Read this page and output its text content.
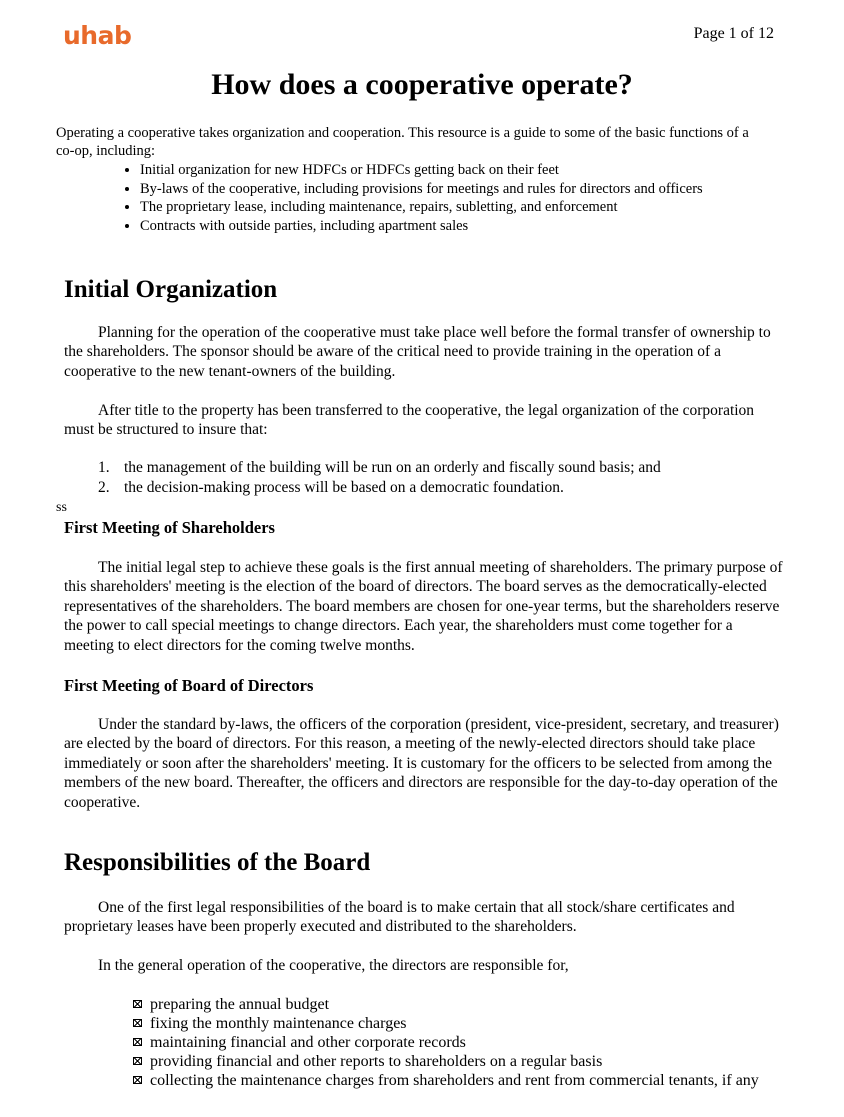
uhab	Page 1 of 12
How does a cooperative operate?

Operating a cooperative takes organization and cooperation. This resource is a guide to some of the basic functions of a co-op, including:

• Initial organization for new HDFCs or HDFCs getting back on their feet
• By-laws of the cooperative, including provisions for meetings and rules for directors and officers
• The proprietary lease, including maintenance, repairs, subletting, and enforcement
• Contracts with outside parties, including apartment sales
Initial Organization

Planning for the operation of the cooperative must take place well before the formal transfer of ownership to the shareholders. The sponsor should be aware of the critical need to provide training in the operation of a cooperative to the new tenant-owners of the building.

After title to the property has been transferred to the cooperative, the legal organization of the corporation must be structured to insure that:

1. the management of the building will be run on an orderly and fiscally sound basis; and
2. the decision-making process will be based on a democratic foundation.
ss
First Meeting of Shareholders

The initial legal step to achieve these goals is the first annual meeting of shareholders. The primary purpose of this shareholders' meeting is the election of the board of directors. The board serves as the democratically-elected representatives of the shareholders. The board members are chosen for one-year terms, but the shareholders reserve the power to call special meetings to change directors. Each year, the shareholders must come together for a meeting to elect directors for the coming twelve months.

First Meeting of Board of Directors

Under the standard by-laws, the officers of the corporation (president, vice-president, secretary, and treasurer) are elected by the board of directors. For this reason, a meeting of the newly-elected directors should take place immediately or soon after the shareholders' meeting. It is customary for the officers to be selected from among the members of the new board. Thereafter, the officers and directors are responsible for the day-to-day operation of the cooperative.

Responsibilities of the Board

One of the first legal responsibilities of the board is to make certain that all stock/share certificates and proprietary leases have been properly executed and distributed to the shareholders.

In the general operation of the cooperative, the directors are responsible for,

preparing the annual budget
fixing the monthly maintenance charges
maintaining financial and other corporate records
providing financial and other reports to shareholders on a regular basis
collecting the maintenance charges from shareholders and rent from commercial tenants, if any
